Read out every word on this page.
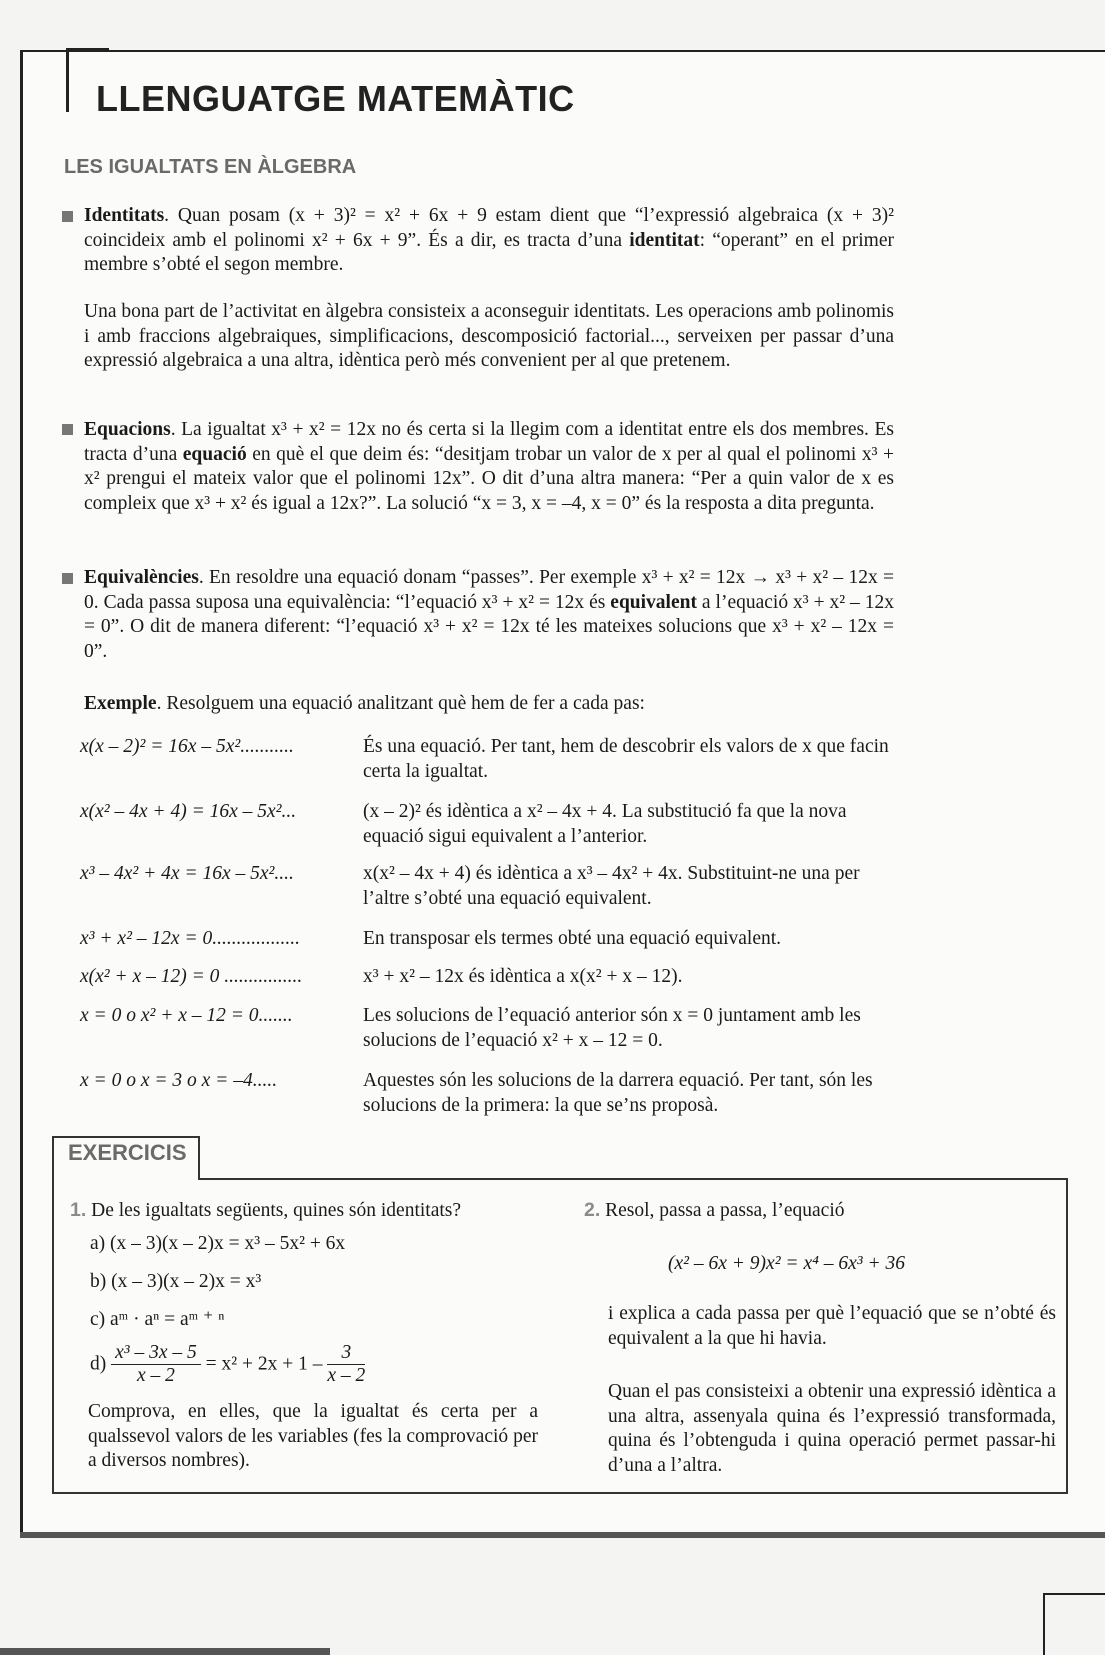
LLENGUATGE MATEMÀTIC
LES IGUALTATS EN ÀLGEBRA
Identitats. Quan posam (x + 3)² = x² + 6x + 9 estam dient que “l’expressió algebraica (x + 3)² coincideix amb el polinomi x² + 6x + 9”. És a dir, es tracta d’una identitat: “operant” en el primer membre s’obté el segon membre.
Una bona part de l’activitat en àlgebra consisteix a aconseguir identitats. Les operacions amb polinomis i amb fraccions algebraiques, simplificacions, descomposició factorial..., serveixen per passar d’una expressió algebraica a una altra, idèntica però més convenient per al que pretenem.
Equacions. La igualtat x³ + x² = 12x no és certa si la llegim com a identitat entre els dos membres. Es tracta d’una equació en què el que deim és: “desitjam trobar un valor de x per al qual el polinomi x³ + x² prengui el mateix valor que el polinomi 12x”. O dit d’una altra manera: “Per a quin valor de x es compleix que x³ + x² és igual a 12x?”. La solució “x = 3, x = –4, x = 0” és la resposta a dita pregunta.
Equivalències. En resoldre una equació donam “passes”. Per exemple x³ + x² = 12x → x³ + x² – 12x = 0. Cada passa suposa una equivalència: “l’equació x³ + x² = 12x és equivalent a l’equació x³ + x² – 12x = 0”. O dit de manera diferent: “l’equació x³ + x² = 12x té les mateixes solucions que x³ + x² – 12x = 0”.
Exemple. Resolguem una equació analitzant què hem de fer a cada pas:
x(x – 2)² = 16x – 5x²...........	És una equació. Per tant, hem de descobrir els valors de x que facin certa la igualtat.
x(x² – 4x + 4) = 16x – 5x²...	(x – 2)² és idèntica a x² – 4x + 4. La substitució fa que la nova equació sigui equivalent a l’anterior.
x³ – 4x² + 4x = 16x – 5x²....	x(x² – 4x + 4) és idèntica a x³ – 4x² + 4x. Substituint-ne una per l’altre s’obté una equació equivalent.
x³ + x² – 12x = 0..................	En transposar els termes obté una equació equivalent.
x(x² + x – 12) = 0 ................	x³ + x² – 12x és idèntica a x(x² + x – 12).
x = 0 o x² + x – 12 = 0.......	Les solucions de l’equació anterior són x = 0 juntament amb les solucions de l’equació x² + x – 12 = 0.
x = 0 o x = 3 o x = –4.....	Aquestes són les solucions de la darrera equació. Per tant, són les solucions de la primera: la que se’ns proposà.
EXERCICIS
1. De les igualtats següents, quines són identitats?
a) (x – 3)(x – 2)x = x³ – 5x² + 6x
b) (x – 3)(x – 2)x = x³
c) aᵐ · aⁿ = aᵐ ⁺ ⁿ
$d) \frac{\text{x³ – 3x – 5}}{x - 2} = x^2 + 2x + 1 - \frac{3}{x - 2}$
Comprova, en elles, que la igualtat és certa per a qualssevol valors de les variables (fes la comprovació per a diversos nombres).
2. Resol, passa a passa, l’equació
(x² – 6x + 9)x² = x⁴ – 6x³ + 36
i explica a cada passa per què l’equació que se n’obté és equivalent a la que hi havia.
Quan el pas consisteixi a obtenir una expressió idèntica a una altra, assenyala quina és l’expressió transformada, quina és l’obtenguda i quina operació permet passar-hi d’una a l’altra.
